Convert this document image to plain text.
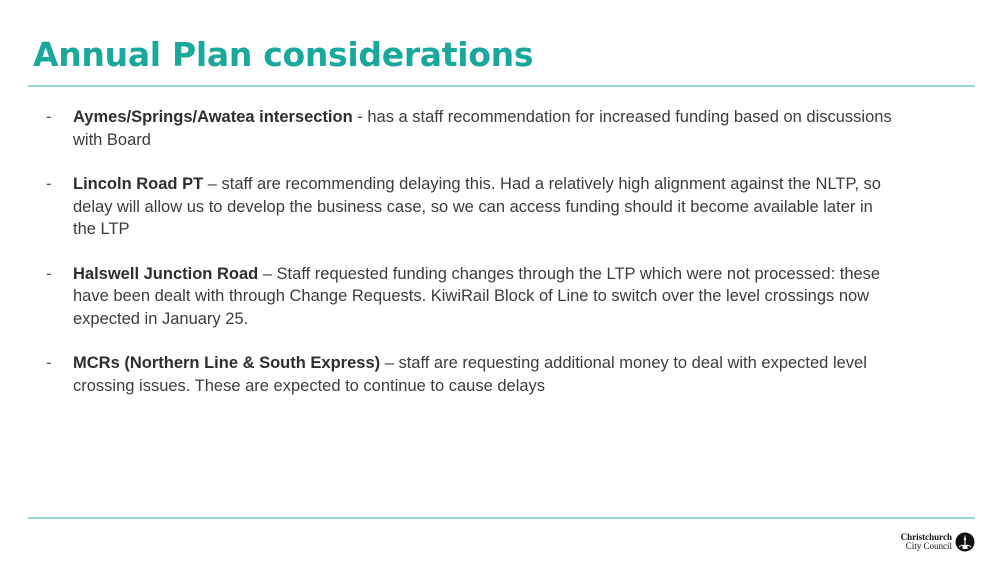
Annual Plan considerations
- Aymes/Springs/Awatea intersection - has a staff recommendation for increased funding based on discussions with Board
- Lincoln Road PT – staff are recommending delaying this. Had a relatively high alignment against the NLTP, so delay will allow us to develop the business case, so we can access funding should it become available later in the LTP
- Halswell Junction Road – Staff requested funding changes through the LTP which were not processed: these have been dealt with through Change Requests. KiwiRail Block of Line to switch over the level crossings now expected in January 25.
- MCRs (Northern Line & South Express) – staff are requesting additional money to deal with expected level crossing issues. These are expected to continue to cause delays
Christchurch
City Council
